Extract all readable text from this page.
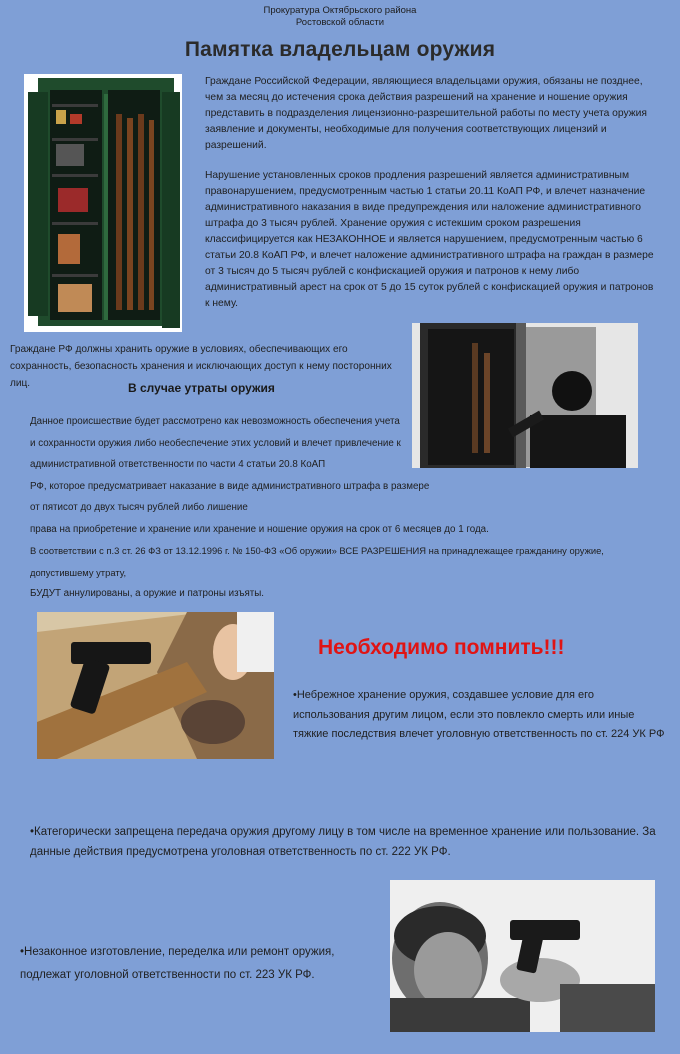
Прокуратура Октябрьского района
Ростовской области
Памятка владельцам оружия
Граждане Российской Федерации, являющиеся владельцами оружия, обязаны не позднее, чем за месяц до истечения срока действия разрешений на хранение и ношение оружия представить в подразделения лицензионно-разрешительной работы по месту учета оружия заявление и документы, необходимые для получения соответствующих лицензий и разрешений.
Нарушение установленных сроков продления разрешений является административным правонарушением, предусмотренным частью 1 статьи 20.11 КоАП РФ, и влечет назначение административного наказания в виде предупреждения или наложение административного штрафа до 3 тысяч рублей. Хранение оружия с истекшим сроком разрешения классифицируется как НЕЗАКОННОЕ и является нарушением, предусмотренным частью 6 статьи 20.8 КоАП РФ, и влечет наложение административного штрафа на граждан в размере от 3 тысяч до 5 тысяч рублей с конфискацией оружия и патронов к нему либо административный арест на срок от 5 до 15 суток рублей с конфискацией оружия и патронов к нему.
Граждане РФ должны хранить оружие в условиях, обеспечивающих его сохранность, безопасность хранения и исключающих доступ к нему посторонних лиц.	В случае утраты оружия
Данное происшествие будет рассмотрено как невозможность обеспечения учета
и сохранности оружия либо необеспечение этих условий и влечет привлечение к
административной ответственности по части 4 статьи 20.8 КоАП
РФ, которое предусматривает наказание в виде административного штрафа в размере
от пятисот до двух тысяч рублей либо лишение
права на приобретение и хранение или хранение и ношение оружия на срок от 6 месяцев до 1 года.
В соответствии с п.3 ст. 26 ФЗ от 13.12.1996 г. № 150-ФЗ «Об оружии» ВСЕ РАЗРЕШЕНИЯ на принадлежащее гражданину оружие, допустившему утрату,
БУДУТ аннулированы, а оружие и патроны изъяты.
Необходимо помнить!!!
•Небрежное хранение оружия, создавшее условие для его использования другим лицом, если это повлекло смерть или иные тяжкие последствия влечет уголовную ответственность по ст. 224 УК РФ
•Категорически запрещена передача оружия другому лицу в том числе на временное хранение или пользование. За данные действия предусмотрена уголовная ответственность по ст. 222 УК РФ.
•Незаконное изготовление, переделка или ремонт оружия, подлежат уголовной ответственности по ст. 223 УК РФ.
